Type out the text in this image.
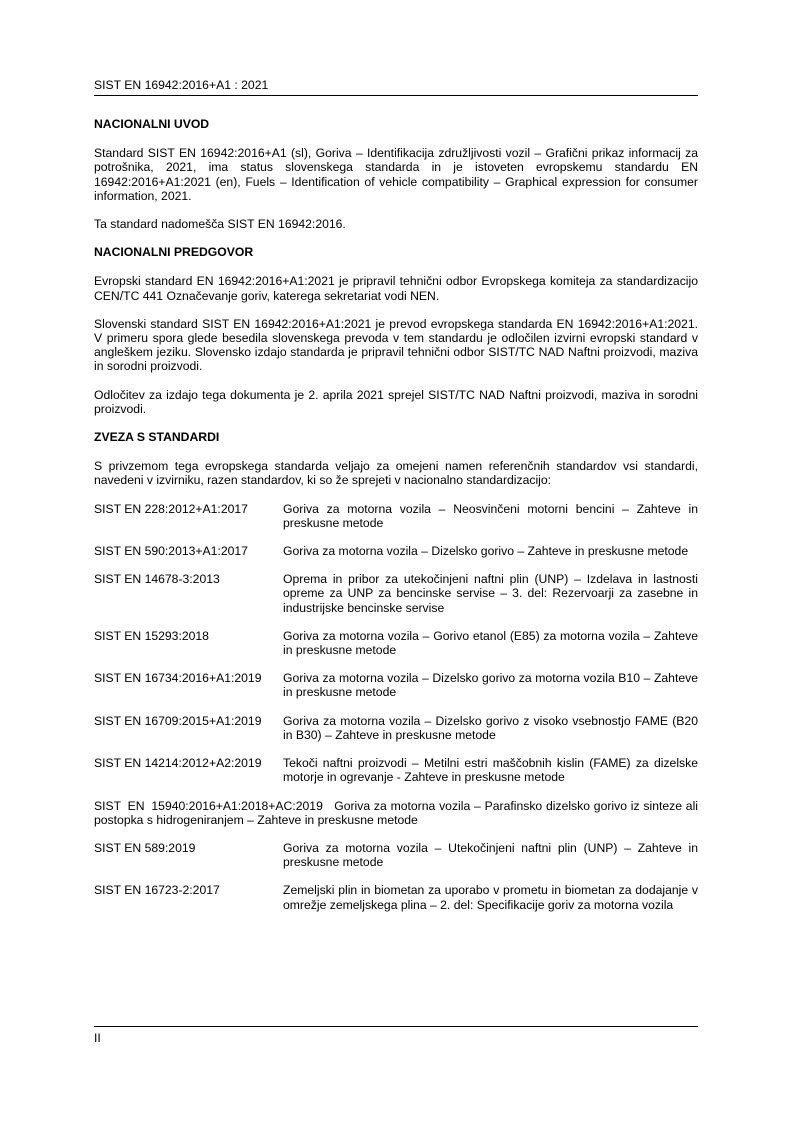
SIST EN 16942:2016+A1 : 2021
NACIONALNI UVOD

Standard SIST EN 16942:2016+A1 (sl), Goriva – Identifikacija združljivosti vozil – Grafični prikaz informacij za potrošnika, 2021, ima status slovenskega standarda in je istoveten evropskemu standardu EN 16942:2016+A1:2021 (en), Fuels – Identification of vehicle compatibility – Graphical expression for consumer information, 2021.

Ta standard nadomešča SIST EN 16942:2016.

NACIONALNI PREDGOVOR

Evropski standard EN 16942:2016+A1:2021 je pripravil tehnični odbor Evropskega komiteja za standardizacijo CEN/TC 441 Označevanje goriv, katerega sekretariat vodi NEN.

Slovenski standard SIST EN 16942:2016+A1:2021 je prevod evropskega standarda EN 16942:2016+A1:2021. V primeru spora glede besedila slovenskega prevoda v tem standardu je odločilen izvirni evropski standard v angleškem jeziku. Slovensko izdajo standarda je pripravil tehnični odbor SIST/TC NAD Naftni proizvodi, maziva in sorodni proizvodi.

Odločitev za izdajo tega dokumenta je 2. aprila 2021 sprejel SIST/TC NAD Naftni proizvodi, maziva in sorodni proizvodi.

ZVEZA S STANDARDI

S privzemom tega evropskega standarda veljajo za omejeni namen referenčnih standardov vsi standardi, navedeni v izvirniku, razen standardov, ki so že sprejeti v nacionalno standardizacijo:

SIST EN 228:2012+A1:2017	Goriva za motorna vozila – Neosvinčeni motorni bencini – Zahteve in preskusne metode
SIST EN 590:2013+A1:2017	Goriva za motorna vozila – Dizelsko gorivo – Zahteve in preskusne metode
SIST EN 14678-3:2013	Oprema in pribor za utekočinjeni naftni plin (UNP) – Izdelava in lastnosti opreme za UNP za bencinske servise – 3. del: Rezervoarji za zasebne in industrijske bencinske servise
SIST EN 15293:2018	Goriva za motorna vozila – Gorivo etanol (E85) za motorna vozila – Zahteve in preskusne metode
SIST EN 16734:2016+A1:2019	Goriva za motorna vozila – Dizelsko gorivo za motorna vozila B10 – Zahteve in preskusne metode
SIST EN 16709:2015+A1:2019	Goriva za motorna vozila – Dizelsko gorivo z visoko vsebnostjo FAME (B20 in B30) – Zahteve in preskusne metode
SIST EN 14214:2012+A2:2019	Tekoči naftni proizvodi – Metilni estri maščobnih kislin (FAME) za dizelske motorje in ogrevanje - Zahteve in preskusne metode
SIST EN 15940:2016+A1:2018+AC:2019 Goriva za motorna vozila – Parafinsko dizelsko gorivo iz sinteze ali postopka s hidrogeniranjem – Zahteve in preskusne metode
SIST EN 589:2019	Goriva za motorna vozila – Utekočinjeni naftni plin (UNP) – Zahteve in preskusne metode
SIST EN 16723-2:2017	Zemeljski plin in biometan za uporabo v prometu in biometan za dodajanje v omrežje zemeljskega plina – 2. del: Specifikacije goriv za motorna vozila
II
